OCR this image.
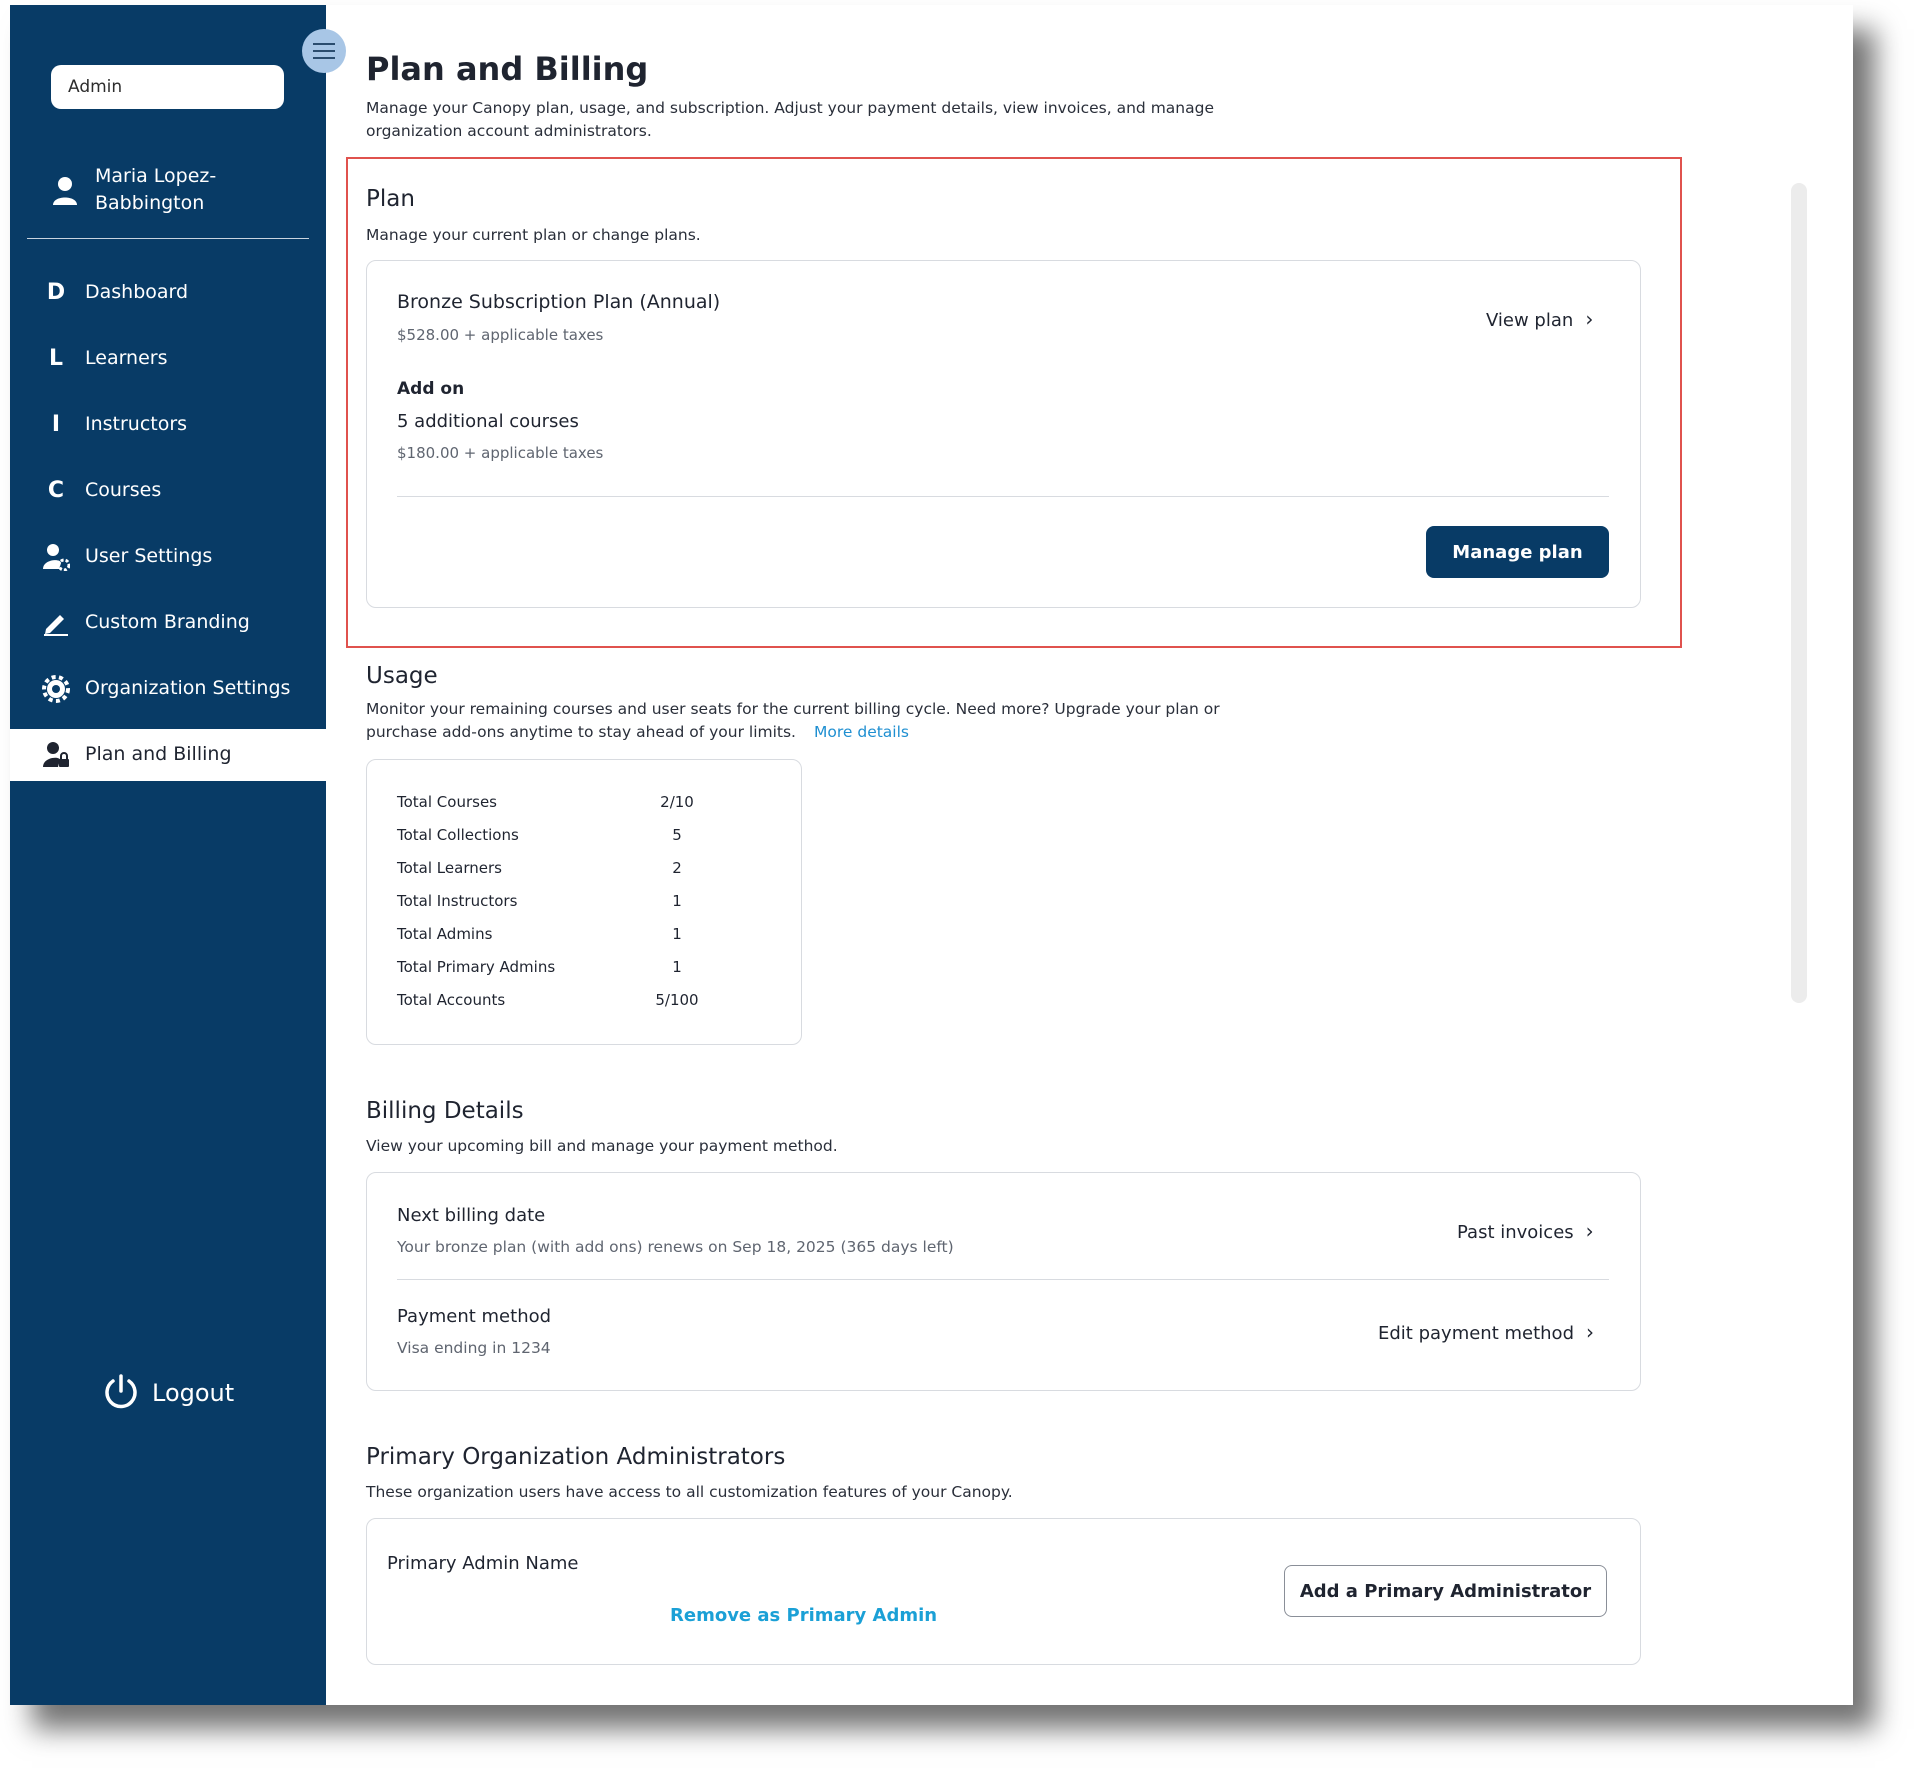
Admin
Maria Lopez-Babbington
D Dashboard
L	Learners
I	Instructors
C	Courses
User Settings
Custom Branding
Organization Settings
Plan and Billing
Logout
Plan and Billing
Manage your Canopy plan, usage, and subscription. Adjust your payment details, view invoices, and manage organization account administrators.
Plan
Manage your current plan or change plans.
Bronze Subscription Plan (Annual)
$528.00 + applicable taxes
View plan ›
Add on
5 additional courses
$180.00 + applicable taxes
Manage plan
Usage
Monitor your remaining courses and user seats for the current billing cycle. Need more? Upgrade your plan or purchase add-ons anytime to stay ahead of your limits. More details
Total Courses	2/10
Total Collections	5
Total Learners	2
Total Instructors	1
Total Admins	1
Total Primary Admins	1
Total Accounts	5/100
Billing Details
View your upcoming bill and manage your payment method.
Next billing date
Your bronze plan (with add ons) renews on Sep 18, 2025 (365 days left)
Past invoices ›
Payment method
Visa ending in 1234
Edit payment method ›
Primary Organization Administrators
These organization users have access to all customization features of your Canopy.
Primary Admin Name
Remove as Primary Admin
Add a Primary Administrator
